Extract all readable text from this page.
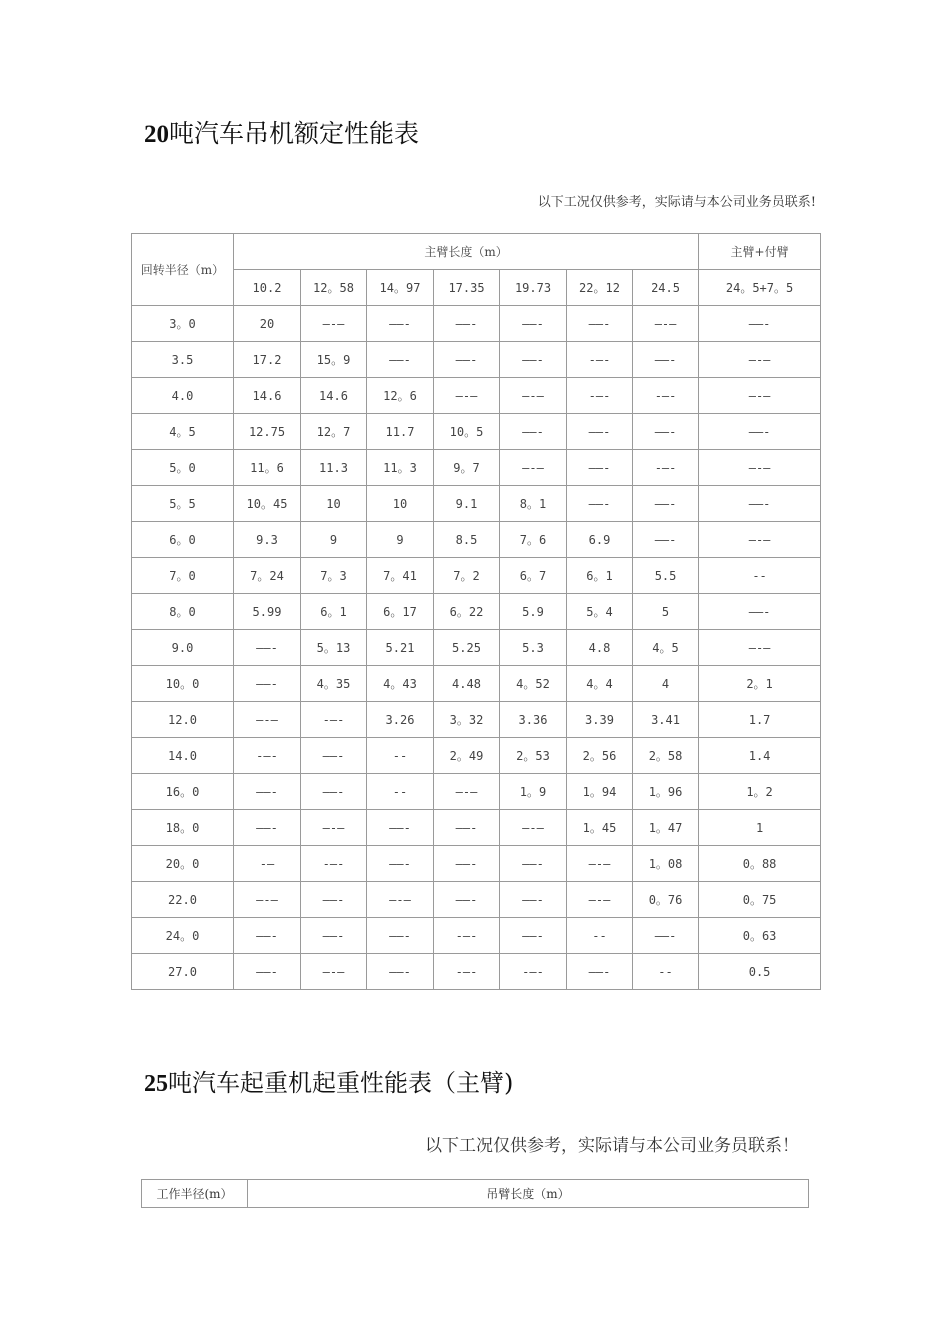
20吨汽车吊机额定性能表
以下工况仅供参考，实际请与本公司业务员联系!
回转半径（m）	主臂长度（m）							主臂+付臂
	10.2	12。58	14。97	17.35	19.73	22。12	24.5	24。5+7。5
3。0	20	—-—	——-	——-	——-	——-	—-—	——-
3.5	17.2	15。9	——-	——-	——-	-—-	——-	—-—
4.0	14.6	14.6	12。6	—-—	—-—	-—-	-—-	—-—
4。5	12.75	12。7	11.7	10。5	——-	——-	——-	——-
5。0	11。6	11.3	11。3	9。7	—-—	——-	-—-	—-—
5。5	10。45	10	10	9.1	8。1	——-	——-	——-
6。0	9.3	9	9	8.5	7。6	6.9	——-	—-—
7。0	7。24	7。3	7。41	7。2	6。7	6。1	5.5	--
8。0	5.99	6。1	6。17	6。22	5.9	5。4	5	——-
9.0	——-	5。13	5.21	5.25	5.3	4.8	4。5	—-—
10。0	——-	4。35	4。43	4.48	4。52	4。4	4	2。1
12.0	—-—	-—-	3.26	3。32	3.36	3.39	3.41	1.7
14.0	-—-	——-	--	2。49	2。53	2。56	2。58	1.4
16。0	——-	——-	--	—-—	1。9	1。94	1。96	1。2
18。0	——-	—-—	——-	——-	—-—	1。45	1。47	1
20。0	-—	-—-	——-	——-	——-	—-—	1。08	0。88
22.0	—-—	——-	—-—	——-	——-	—-—	0。76	0。75
24。0	——-	——-	——-	-—-	——-	--	——-	0。63
27.0	——-	—-—	——-	-—-	-—-	——-	--	0.5
25吨汽车起重机起重性能表（主臂)
以下工况仅供参考，实际请与本公司业务员联系！
工作半径(m）	吊臂长度（m）
